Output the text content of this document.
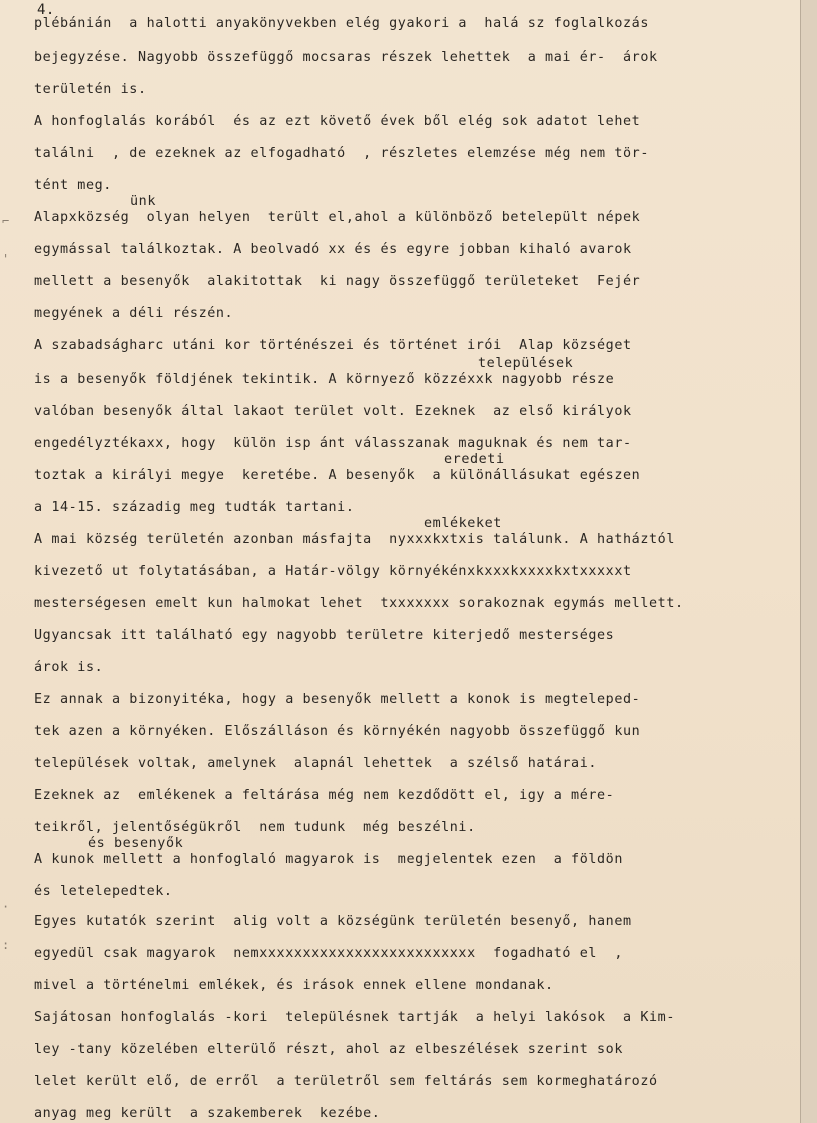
4.
plébánián  a halotti anyakönyvekben elég gyakori a  halá sz foglalkozás
bejegyzése. Nagyobb összefüggő mocsaras részek lehettek  a mai ér-  árok
területén is.
A honfoglalás korából  és az ezt követő évek ből elég sok adatot lehet
találni  , de ezeknek az elfogadható  , részletes elemzése még nem tör-
tént meg.
ünk
Alapxközség  olyan helyen  terült el,ahol a különböző betelepült népek
egymással találkoztak. A beolvadó xx és és egyre jobban kihaló avarok
mellett a besenyők  alakitottak  ki nagy összefüggő területeket  Fejér
megyének a déli részén.
A szabadságharc utáni kor történészei és történet irói  Alap községet
települések
is a besenyők földjének tekintik. A környező közzéxxk nagyobb része
valóban besenyők által lakaot terület volt. Ezeknek  az első királyok
engedélyztékaxx, hogy  külön isp ánt válasszanak maguknak és nem tar-
eredeti
toztak a királyi megye  keretébe. A besenyők  a különállásukat egészen
a 14-15. századig meg tudták tartani.
emlékeket
A mai község területén azonban másfajta  nyxxxkxtxis találunk. A hatháztól
kivezető ut folytatásában, a Határ-völgy környékénxkxxxkxxxxkxtxxxxxt
mesterségesen emelt kun halmokat lehet  txxxxxxx sorakoznak egymás mellett.
Ugyancsak itt található egy nagyobb területre kiterjedő mesterséges
árok is.
Ez annak a bizonyitéka, hogy a besenyők mellett a konok is megteleped-
tek azen a környéken. Előszálláson és környékén nagyobb összefüggő kun
települések voltak, amelynek  alapnál lehettek  a szélső határai.
Ezeknek az  emlékenek a feltárása még nem kezdődött el, igy a mére-
teikről, jelentőségükről  nem tudunk  még beszélni.
és besenyők
A kunok mellett a honfoglaló magyarok is  megjelentek ezen  a földön
és letelepedtek.
Egyes kutatók szerint  alig volt a községünk területén besenyő, hanem
egyedül csak magyarok  nemxxxxxxxxxxxxxxxxxxxxxxxxx  fogadható el  ,
mivel a történelmi emlékek, és irások ennek ellene mondanak.
Sajátosan honfoglalás -kori  településnek tartják  a helyi lakósok  a Kim-
ley -tany közelében elterülő részt, ahol az elbeszélések szerint sok
lelet került elő, de erről  a területről sem feltárás sem kormeghatározó
anyag meg került  a szakemberek  kezébe.
⌐
'
·
:
